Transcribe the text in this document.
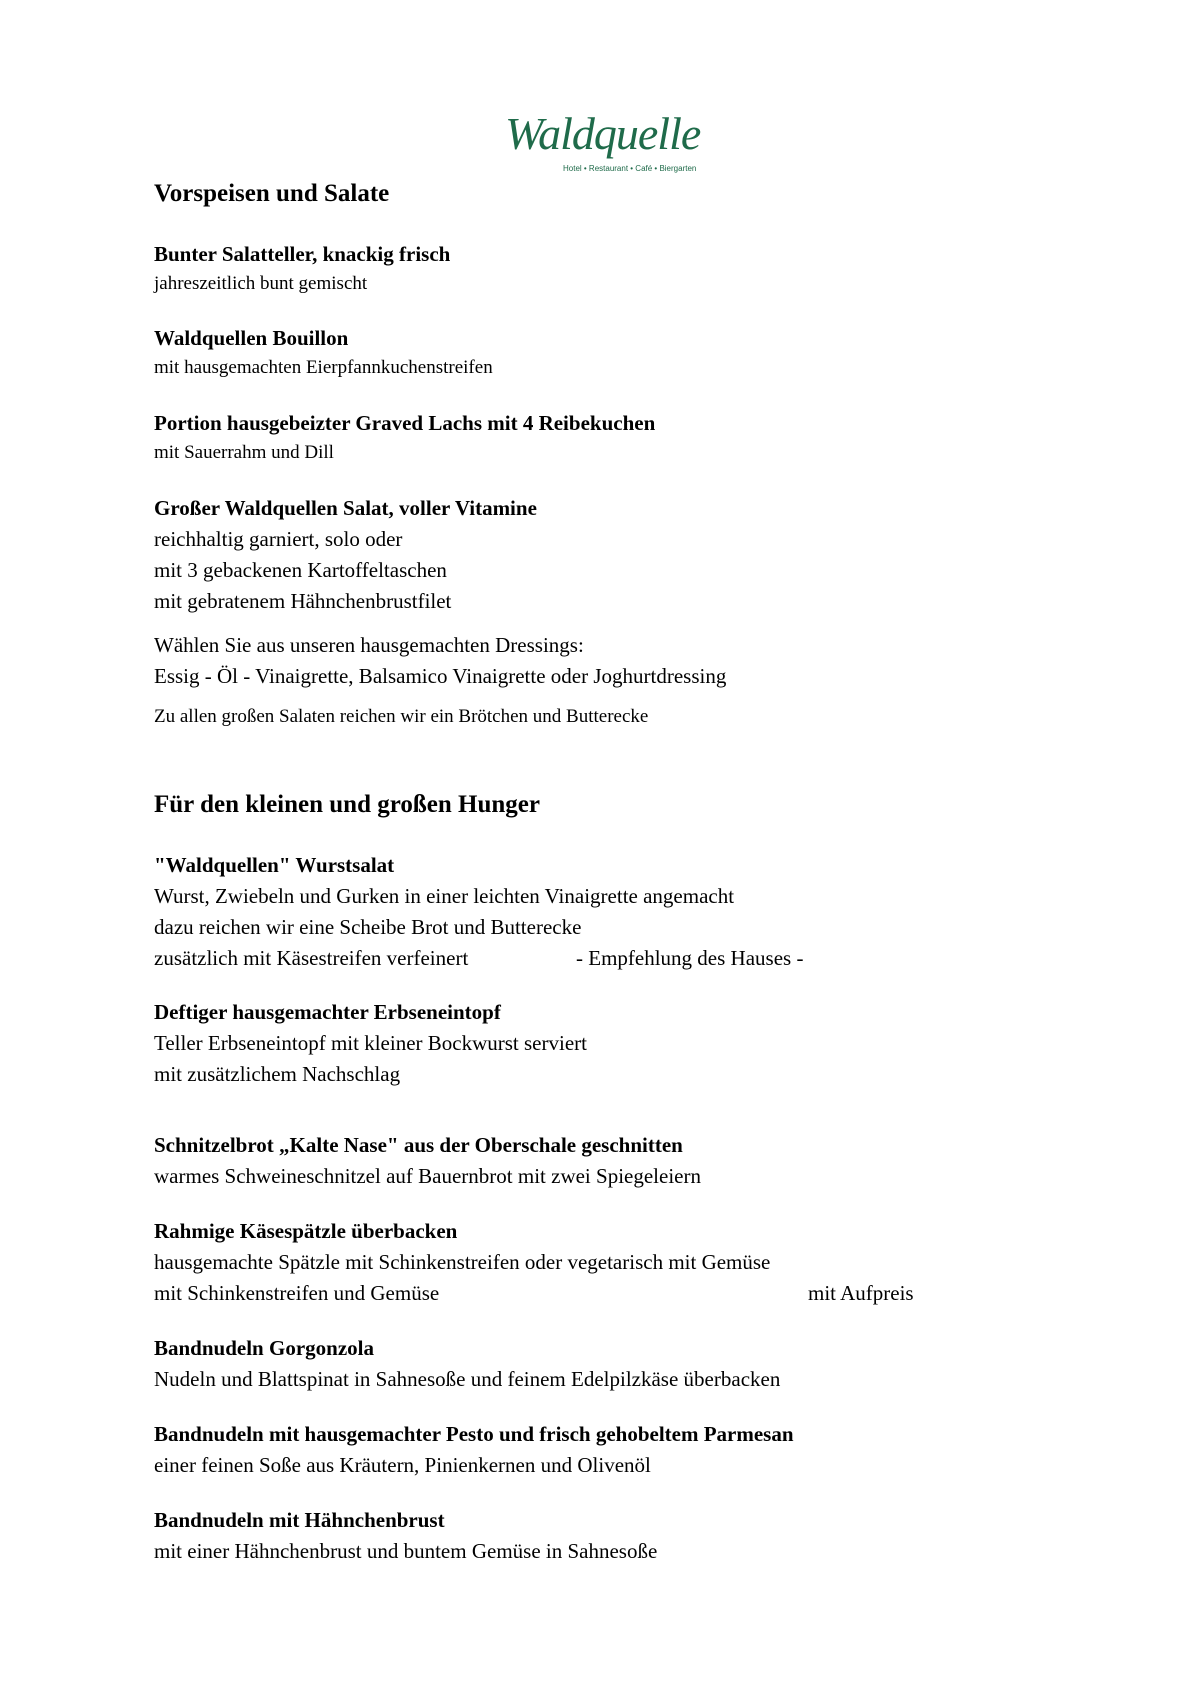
Waldquelle
Hotel • Restaurant • Café • Biergarten
Vorspeisen und Salate
Bunter Salatteller, knackig frisch
jahreszeitlich bunt gemischt
Waldquellen Bouillon
mit hausgemachten Eierpfannkuchenstreifen
Portion hausgebeizter Graved Lachs mit 4 Reibekuchen
mit Sauerrahm und Dill
Großer Waldquellen Salat, voller Vitamine
reichhaltig garniert, solo oder
mit 3 gebackenen Kartoffeltaschen
mit gebratenem Hähnchenbrustfilet
Wählen Sie aus unseren hausgemachten Dressings:
Essig - Öl - Vinaigrette, Balsamico Vinaigrette oder Joghurtdressing
Zu allen großen Salaten reichen wir ein Brötchen und Butterecke
Für den kleinen und großen Hunger
"Waldquellen" Wurstsalat
Wurst, Zwiebeln und Gurken in einer leichten Vinaigrette angemacht
dazu reichen wir eine Scheibe Brot und Butterecke
zusätzlich mit Käsestreifen verfeinert	- Empfehlung des Hauses -
Deftiger hausgemachter Erbseneintopf
Teller Erbseneintopf mit kleiner Bockwurst serviert
mit zusätzlichem Nachschlag
Schnitzelbrot „Kalte Nase" aus der Oberschale geschnitten
warmes Schweineschnitzel auf Bauernbrot mit zwei Spiegeleiern
Rahmige Käsespätzle überbacken
hausgemachte Spätzle mit Schinkenstreifen oder vegetarisch mit Gemüse
mit Schinkenstreifen und Gemüse	mit Aufpreis
Bandnudeln Gorgonzola
Nudeln und Blattspinat in Sahnesoße und feinem Edelpilzkäse überbacken
Bandnudeln mit hausgemachter Pesto und frisch gehobeltem Parmesan
einer feinen Soße aus Kräutern, Pinienkernen und Olivenöl
Bandnudeln mit Hähnchenbrust
mit einer Hähnchenbrust und buntem Gemüse in Sahnesoße
